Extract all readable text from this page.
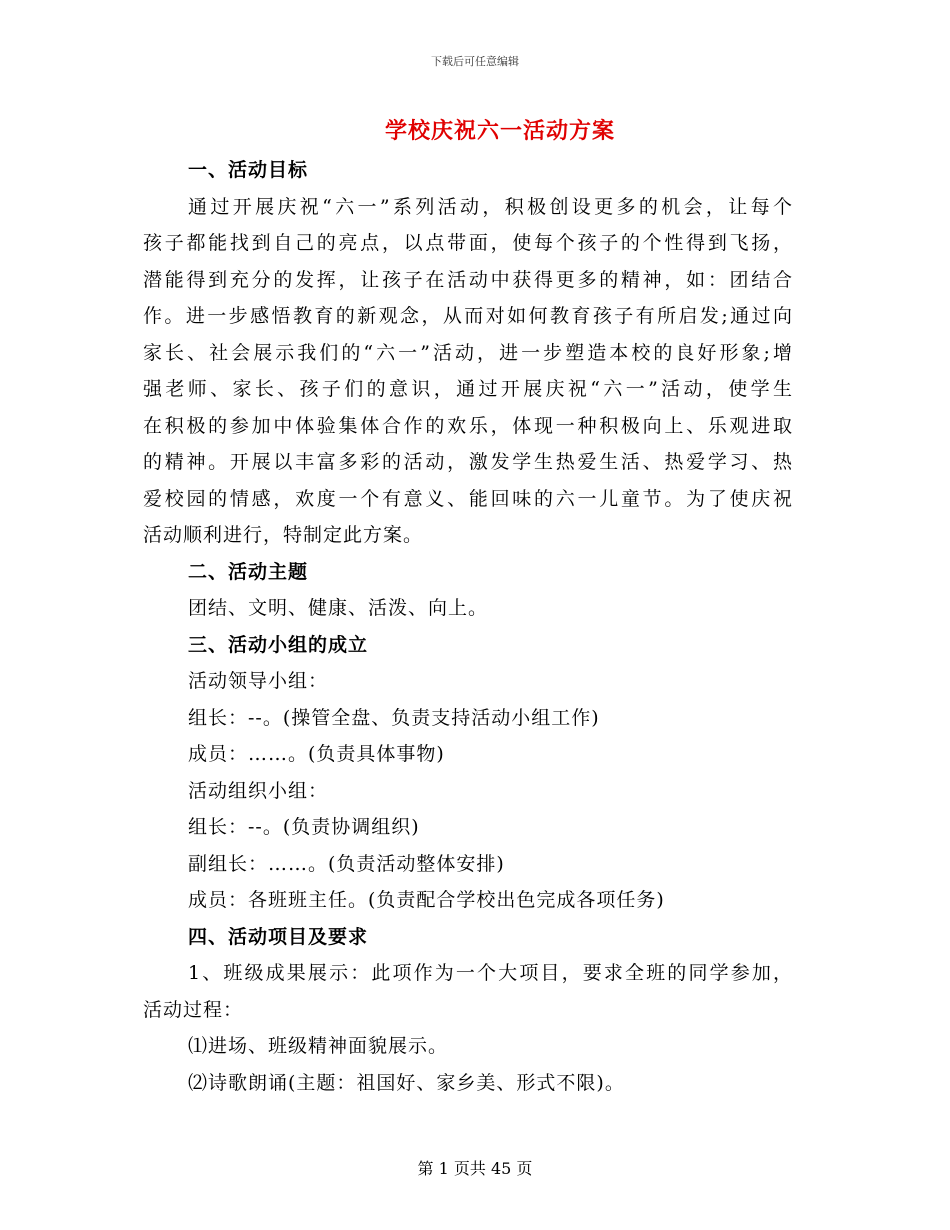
下载后可任意编辑
学校庆祝六一活动方案
一、活动目标
通过开展庆祝“六一”系列活动，积极创设更多的机会，让每个
孩子都能找到自己的亮点，以点带面，使每个孩子的个性得到飞扬，
潜能得到充分的发挥，让孩子在活动中获得更多的精神，如：团结合
作。进一步感悟教育的新观念，从而对如何教育孩子有所启发;通过向
家长、社会展示我们的“六一”活动，进一步塑造本校的良好形象;增
强老师、家长、孩子们的意识，通过开展庆祝“六一”活动，使学生
在积极的参加中体验集体合作的欢乐，体现一种积极向上、乐观进取
的精神。开展以丰富多彩的活动，激发学生热爱生活、热爱学习、热
爱校园的情感，欢度一个有意义、能回味的六一儿童节。为了使庆祝
活动顺利进行，特制定此方案。
二、活动主题
团结、文明、健康、活泼、向上。
三、活动小组的成立
活动领导小组：
组长：--。(操管全盘、负责支持活动小组工作)
成员：……。(负责具体事物)
活动组织小组：
组长：--。(负责协调组织)
副组长：……。(负责活动整体安排)
成员：各班班主任。(负责配合学校出色完成各项任务)
四、活动项目及要求
1、班级成果展示：此项作为一个大项目，要求全班的同学参加，
活动过程：
⑴进场、班级精神面貌展示。
⑵诗歌朗诵(主题：祖国好、家乡美、形式不限)。
第 1 页共 45 页
